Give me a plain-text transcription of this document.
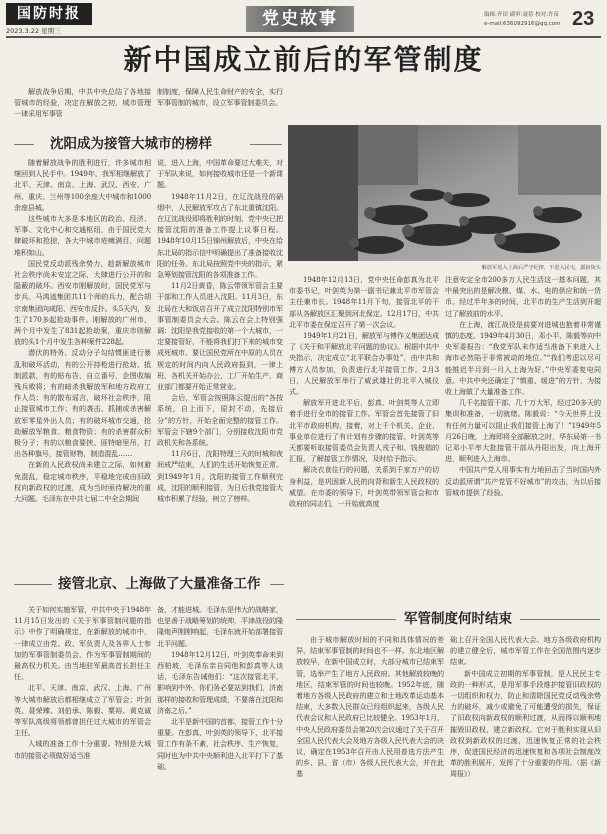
国防时报
2023.3.22 星期三
党史故事	编辑:齐田 副审:聂蓓 校对:许苗
e-mail:636092916@qq.com 23
新中国成立前后的军管制度

解放战争后期，中共中央总结了各地接管城市的经验，决定在解放之初，城市管理一律采用军事管

制制度，保障人民生命财产的安全，实行军事管制的城市，设立军事管制委员会。
沈阳成为接管大城市的榜样

随着解放战争的胜利进行，许多城市相继回到人民手中。1949年，我军相继解放了北平、天津、南京、上海、武汉、西安、广州、重庆、兰州等100余座大中城市和1000余座县城。

这些城市大多是本地区的政治、经济、军事、文化中心和交通枢纽，由于国民党大肆破坏和抢掠，各大中城市疮痍满目，问题堆积如山。

国民党反动派残余势力，趁新解放城市社会秩序尚未安定之际，大肆进行公开的和隐蔽的破坏。西安市刚解放时，国民党军与步兵、马鸿逵集团共11个师的兵力，配合胡宗南集团向咸阳、西安市反扑。头5天内，发生了170多起抢劫事件。刚解放的广州市，两个月中发生了831起抢劫案，重庆市则解放的头1个月中发生各种案件228起。

潜伏的特务、反动分子勾结惯匪进行暴乱和破坏活动，有的公开持枪进行抢劫、抵制派款，有的贴布告、自立番号，企图收编残兵败将；有的暗杀我解放军和地方政府工作人员；有的散布谣言，破坏社会秩序，阻止接管城市工作；有的袭击、抓捕或杀害解放军零星外出人员；有的破坏城市交通，抢劫解放军粮食、粮食物资；有的杀害群众积极分子；有的以粮食要挟、匪特暗里吊，打出各种旗号，接管财物，制造混乱……

在新的人民政权尚未建立之际，如何避免混乱，稳定城市秩序，平稳地完成由旧政权向新政权的过渡，成为当时亟待解决的重大问题。毛泽东在中共七届二中全会期间

说，进入上海，中国革命要过大难关，对于军队来说，如何接收城市还是一个新课题。

1948年11月2日，在辽沈战役的硝烟中，人民解放军攻占了东北重镇沈阳。在辽沈战役即将胜利的时刻，党中央已把接管沈阳的准备工作提上议事日程。1948年10月15日锦州解放后，中央在给东北局的指示信中明确提出了准备接收沈阳的任务。东北局按照党中央的指示，紧急筹划接管沈阳的各项准备工作。

11月2日黄昏，陈云带领军管会主要干部和工作人员进入沈阳。11月3日，东北局在大和饭店召开了成立沈阳特别市军事管制委员会大会。陈云在会上特别强调：沈阳是我党接收的第一个大城市，一定要接管好，不能将我们打下来的城市变成死城市。要让国民党所在中原的人员在规定的时间内向人民政府报到，一律上班，各机关开始办公，工厂开始生产，商业部门都要开始正常营业。

会后，军管会按照陈云提出的“各按系统，自上而下，原封不动，先接后分”的方针，开始全面完整的接管工作。军管会下辖9个部门，分别接收沈阳市党政机关和各系统。

11月6日，沈阳特理三天的时城和夜间戒严结束，人们的生活开始恢复正常。到1949年1月，沈阳的接管工作顺利完成，沈阳的顺利接管，为日后我党接管大城市积累了经验，树立了榜样。

解放军进入上海后严守纪律，不进入民宅，露宿街头

1948年12月13日，党中央任命彭真为北平市委书记，叶剑英为第一副书记兼北平市军管会主任兼市长。1948年11月下旬，接管北平的干部从各解放区汇聚到河北保定。12月17日，中共北平市委在保定召开了第一次会议。

1949年1月21日，解放军与傅作义集团达成了《关于和平解放北平问题的协议》。根据中共中央指示，决定成立“北平联合办事处”，由中共和傅方人员参加，负责进行北平接管工作。2月3日，人民解放军举行了威武雄壮的北平入城仪式。

解放军开进北平后，彭真、叶剑英等人立即着手进行全市的接管工作。军管会首先接管了旧北平市政府机构，接着，对上千个机关、企业、事业单位进行了有计划有步骤的接管。叶剑英等天都要听取接管委员会负责人戎子和、钱俊瑞的汇报，了解接管工作情况，及时给予指示。

解决衣食住行的问题，关系到千家万户的切身利益，是巩固新人民的向背和新生人民政权的威望。在市委的领导下，叶剑英带领军管会和市政府的同志们，一开始就高度

注意安定全市200多万人民生活这一基本问题，其中最突出的是解决粮、煤、水、电的供应和统一货币。经过半年多的时间，北平市的生产生活到开超过了解放前的水平。

在上海，渡江战役是前要对进城也抱着非常谨慎的态度。1949年4月30日，邓小平、陈毅等向中央军委报告：“我党军队未作适当准备下来进入上海市必然陷于非常被动的地位。”“我们考虑以尽可能推迟半月到一月入上海为好。”中央军委复电同意。中共中央还确定了“慎重、缓进”的方针，为接收上海做了大量准备工作。

几千名接管干部、几十万大军，经过20多天的集训和准备，一切就绪。陈毅说：“今天世界上没有任何力量可以阻止我们接管上海了！”1949年5月26日晚，上海即将全部解放之时，华东局第一书记邓小平率大批接管干部从丹阳出发，向上海开进，顺利进入上海市。

中国共产党人用事实有力地回击了当时国内外反动派所谓“共产党管不好城市”的攻击，为以后接管城市提供了经验。

接管北京、上海做了大量准备工作
军管制度何时结束

关于如何实施军管，中共中央于1948年11月15日发出的《关于军事管制问题的指示》中作了明确规定，在新解放的城市中，一律成立由党、政、军负责人及各界人士参加的军事管制委员会，作为军事管制期间的最高权力机关。由当地驻军最高首长担任主任。

北平、天津、南京、武汉、上海、广州等大城市解放后都相继成立了军管会；叶剑英、聂荣臻、刘伯承、陈毅、粟裕、黄克诚等军队高级将领都曾担任过大城市的军管会主任。

入城的准备工作十分重要。特别是大城市的接管必须做好适当准

备，才能进城。毛泽东是伟大的战略家，也是善于战略筹划的统帅，平津战役的隆隆炮声刚刚响起，毛泽东就开始部署接管北平问题。

1948年12月12日，叶剑英奉命来到西柏坡，毛泽东亲自同他和彭真等人谈话，毛泽东告诫他们：“这次接管北平，影响到中外，你们务必要站到我们，济南那样的接收和管理成绩，不要落在沈阳和济南之后。”

北平是新中国的首都，接管工作十分重要。在彭真、叶剑英的领导下，北平接管工作有条不紊，社会秩序、生产恢复，同时也为中共中央顺利进入北平打下了基础。

由于城市解放时间的不同和具体情况的差异，结束军事管制的时间也不一样。东北地区解放较早，在新中国成立时，大部分城市已结束军管，选举产生了地方人民政府。其他解放较晚的地区，结束军管的时间也较晚。1952年底，随着地方各级人民政府的建立和土地改革运动基本结束，大多数人民群众已经组织起来，各级人民代表会议和人民政府已比较健全。1953年1月，中央人民政府委员会第20次会议通过了关于召开全国人民代表大会及地方各级人民代表大会的决议，确定在1953年召开由人民用普选方法产生的乡、县、省（市）各级人民代表大会，并在此基

础上召开全国人民代表大会。地方各级政府机构的建立健全后，城市军管工作在全国范围内逐步结束。

新中国成立初期的军事管制，是人民民主专政的一种形式，是用军事手段维护接管旧政权的一切组织和权力，防止和清除国民党反动残余势力的破坏，减少或避免了可能遭受的损失，保证了旧政权向新政权的顺利过渡，从而得以顺利地摧毁旧政权，建立新政权。它对于胜利实现从旧政权到新政权的过渡，迅速恢复正常的社会秩序，促进国民经济的迅速恢复和各项社会制度改革的胜利展开，发挥了十分重要的作用。（据《新周报》）
